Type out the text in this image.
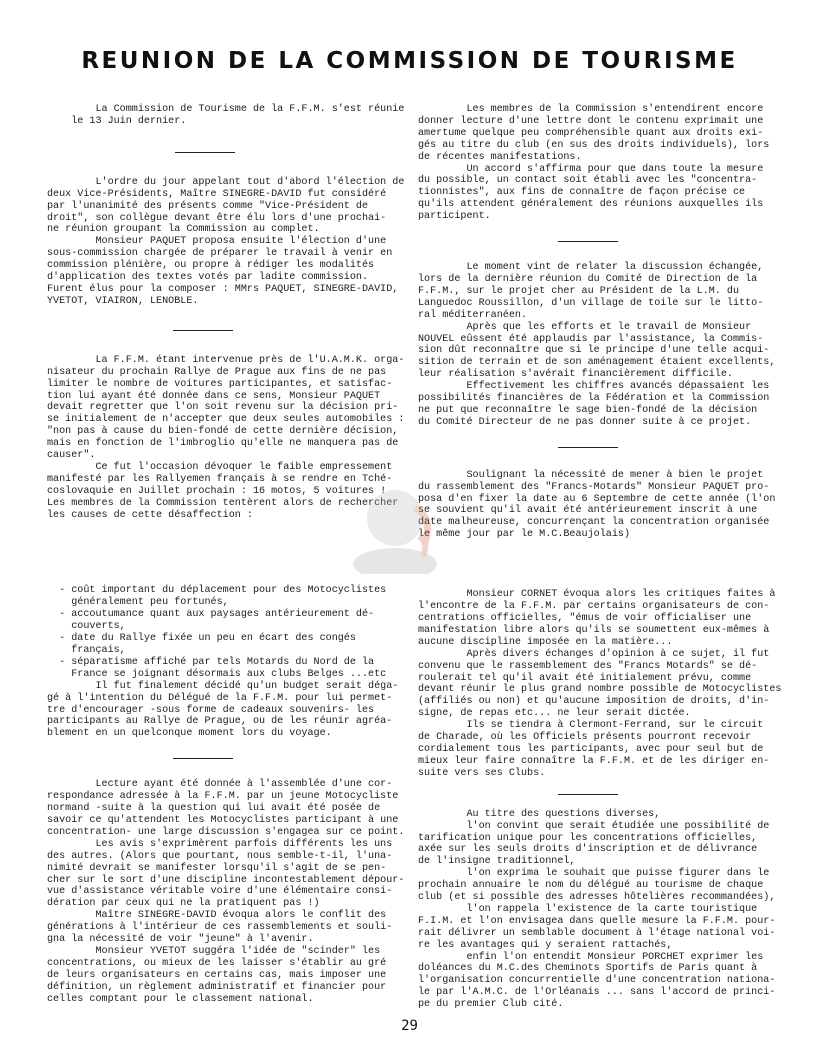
REUNION DE LA COMMISSION DE TOURISME

La Commission de Tourisme de la F.F.M. s'est réunie
le 13 Juin dernier.

L'ordre du jour appelant tout d'abord l'élection de
deux Vice-Présidents, Maître SINEGRE-DAVID fut considéré
par l'unanimité des présents comme "Vice-Président de
droit", son collègue devant être élu lors d'une prochai-
ne réunion groupant la Commission au complet.
Monsieur PAQUET proposa ensuite l'élection d'une
sous-commission chargée de préparer le travail à venir en
commission plénière, ou propre à rédiger les modalités
d'application des textes votés par ladite commission.
Furent élus pour la composer : MMrs PAQUET, SINEGRE-DAVID,
YVETOT, VIAIRON, LENOBLE.

La F.F.M. étant intervenue près de l'U.A.M.K. orga-
nisateur du prochain Rallye de Prague aux fins de ne pas
limiter le nombre de voitures participantes, et satisfac-
tion lui ayant été donnée dans ce sens, Monsieur PAQUET
devait regretter que l'on soit revenu sur la décision pri-
se initialement de n'accepter que deux seules automobiles :
"non pas à cause du bien-fondé de cette dernière décision,
mais en fonction de l'imbroglio qu'elle ne manquera pas de
causer".
Ce fut l'occasion dévoquer le faible empressement
manifesté par les Rallyemen français à se rendre en Tché-
coslovaquie en Juillet prochain : 16 motos, 5 voitures !
Les membres de la Commission tentèrent alors de rechercher
les causes de cette désaffection :

- coût important du déplacement pour des Motocyclistes
généralement peu fortunés,
- accoutumance quant aux paysages antérieurement dé-
couverts,
- date du Rallye fixée un peu en écart des congés
français,
- séparatisme affiché par tels Motards du Nord de la
France se joignant désormais aux clubs Belges ...etc
Il fut finalement décidé qu'un budget serait déga-
gé à l'intention du Délégué de la F.F.M. pour lui permet-
tre d'encourager -sous forme de cadeaux souvenirs- les
participants au Rallye de Prague, ou de les réunir agréa-
blement en un quelconque moment lors du voyage.

Lecture ayant été donnée à l'assemblée d'une cor-
respondance adressée à la F.F.M. par un jeune Motocycliste
normand -suite à la question qui lui avait été posée de
savoir ce qu'attendent les Motocyclistes participant à une
concentration- une large discussion s'engagea sur ce point.
Les avis s'exprimèrent parfois différents les uns
des autres. (Alors que pourtant, nous semble-t-il, l'una-
nimité devrait se manifester lorsqu'il s'agit de se pen-
cher sur le sort d'une discipline incontestablement dépour-
vue d'assistance véritable voire d'une élémentaire consi-
dération par ceux qui ne la pratiquent pas !)
Maître SINEGRE-DAVID évoqua alors le conflit des
générations à l'intérieur de ces rassemblements et souli-
gna la nécessité de voir "jeune" à l'avenir.
Monsieur YVETOT suggéra l'idée de "scinder" les
concentrations, ou mieux de les laisser s'établir au gré
de leurs organisateurs en certains cas, mais imposer une
définition, un règlement administratif et financier pour
celles comptant pour le classement national.

Les membres de la Commission s'entendirent encore
donner lecture d'une lettre dont le contenu exprimait une
amertume quelque peu compréhensible quant aux droits exi-
gés au titre du club (en sus des droits individuels), lors
de récentes manifestations.
Un accord s'affirma pour que dans toute la mesure
du possible, un contact soit établi avec les "concentra-
tionnistes", aux fins de connaître de façon précise ce
qu'ils attendent généralement des réunions auxquelles ils
participent.

Le moment vint de relater la discussion échangée,
lors de la dernière réunion du Comité de Direction de la
F.F.M., sur le projet cher au Président de la L.M. du
Languedoc Roussillon, d'un village de toile sur le litto-
ral méditerranéen.
Après que les efforts et le travail de Monsieur
NOUVEL eûssent été applaudis par l'assistance, la Commis-
sion dût reconnaître que si le principe d'une telle acqui-
sition de terrain et de son aménagement étaient excellents,
leur réalisation s'avérait financièrement difficile.
Effectivement les chiffres avancés dépassaient les
possibilités financières de la Fédération et la Commission
ne put que reconnaître le sage bien-fondé de la décision
du Comité Directeur de ne pas donner suite à ce projet.

Soulignant la nécessité de mener à bien le projet
du rassemblement des "Francs-Motards" Monsieur PAQUET pro-
posa d'en fixer la date au 6 Septembre de cette année (l'on
se souvient qu'il avait été antérieurement inscrit à une
date malheureuse, concurrençant la concentration organisée
le même jour par le M.C.Beaujolais)

Monsieur CORNET évoqua alors les critiques faites à
l'encontre de la F.F.M. par certains organisateurs de con-
centrations officielles, "émus de voir officialiser une
manifestation libre alors qu'ils se soumettent eux-mêmes à
aucune discipline imposée en la matière...
Après divers échanges d'opinion à ce sujet, il fut
convenu que le rassemblement des "Francs Motards" se dé-
roulerait tel qu'il avait été initialement prévu, comme
devant réunir le plus grand nombre possible de Motocyclistes
(affiliés ou non) et qu'aucune imposition de droits, d'in-
signe, de repas etc... ne leur serait dictée.
Ils se tiendra à Clermont-Ferrand, sur le circuit
de Charade, où les Officiels présents pourront recevoir
cordialement tous les participants, avec pour seul but de
mieux leur faire connaître la F.F.M. et de les diriger en-
suite vers ses Clubs.

Au titre des questions diverses,
l'on convint que serait étudiée une possibilité de
tarification unique pour les concentrations officielles,
axée sur les seuls droits d'inscription et de délivrance
de l'insigne traditionnel,
l'on exprima le souhait que puisse figurer dans le
prochain annuaire le nom du délégué au tourisme de chaque
club (et si possible des adresses hôtelières recommandées),
l'on rappela l'existence de la carte touristique
F.I.M. et l'on envisagea dans quelle mesure la F.F.M. pour-
rait délivrer un semblable document à l'étage national voi-
re les avantages qui y seraient rattachés,
enfin l'on entendit Monsieur PORCHET exprimer les
doléances du M.C.des Cheminots Sportifs de Paris quant à
l'organisation concurrentielle d'une concentration nationa-
le par l'A.M.C. de l'Orléanais ... sans l'accord de princi-
pe du premier Club cité.

29
